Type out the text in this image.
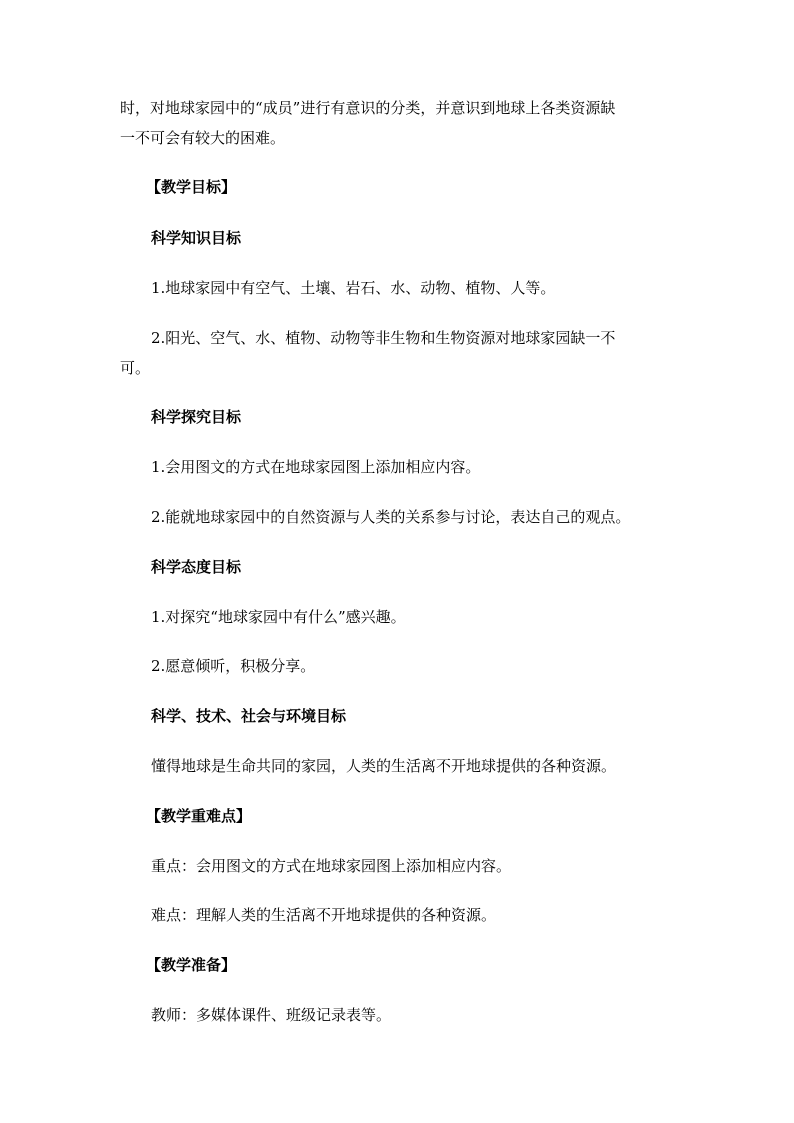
时，对地球家园中的“成员”进行有意识的分类，并意识到地球上各类资源缺
一不可会有较大的困难。
【教学目标】
科学知识目标
1.地球家园中有空气、土壤、岩石、水、动物、植物、人等。
2.阳光、空气、水、植物、动物等非生物和生物资源对地球家园缺一不
可。
科学探究目标
1.会用图文的方式在地球家园图上添加相应内容。
2.能就地球家园中的自然资源与人类的关系参与讨论，表达自己的观点。
科学态度目标
1.对探究“地球家园中有什么”感兴趣。
2.愿意倾听，积极分享。
科学、技术、社会与环境目标
懂得地球是生命共同的家园，人类的生活离不开地球提供的各种资源。
【教学重难点】
重点：会用图文的方式在地球家园图上添加相应内容。
难点：理解人类的生活离不开地球提供的各种资源。
【教学准备】
教师：多媒体课件、班级记录表等。
